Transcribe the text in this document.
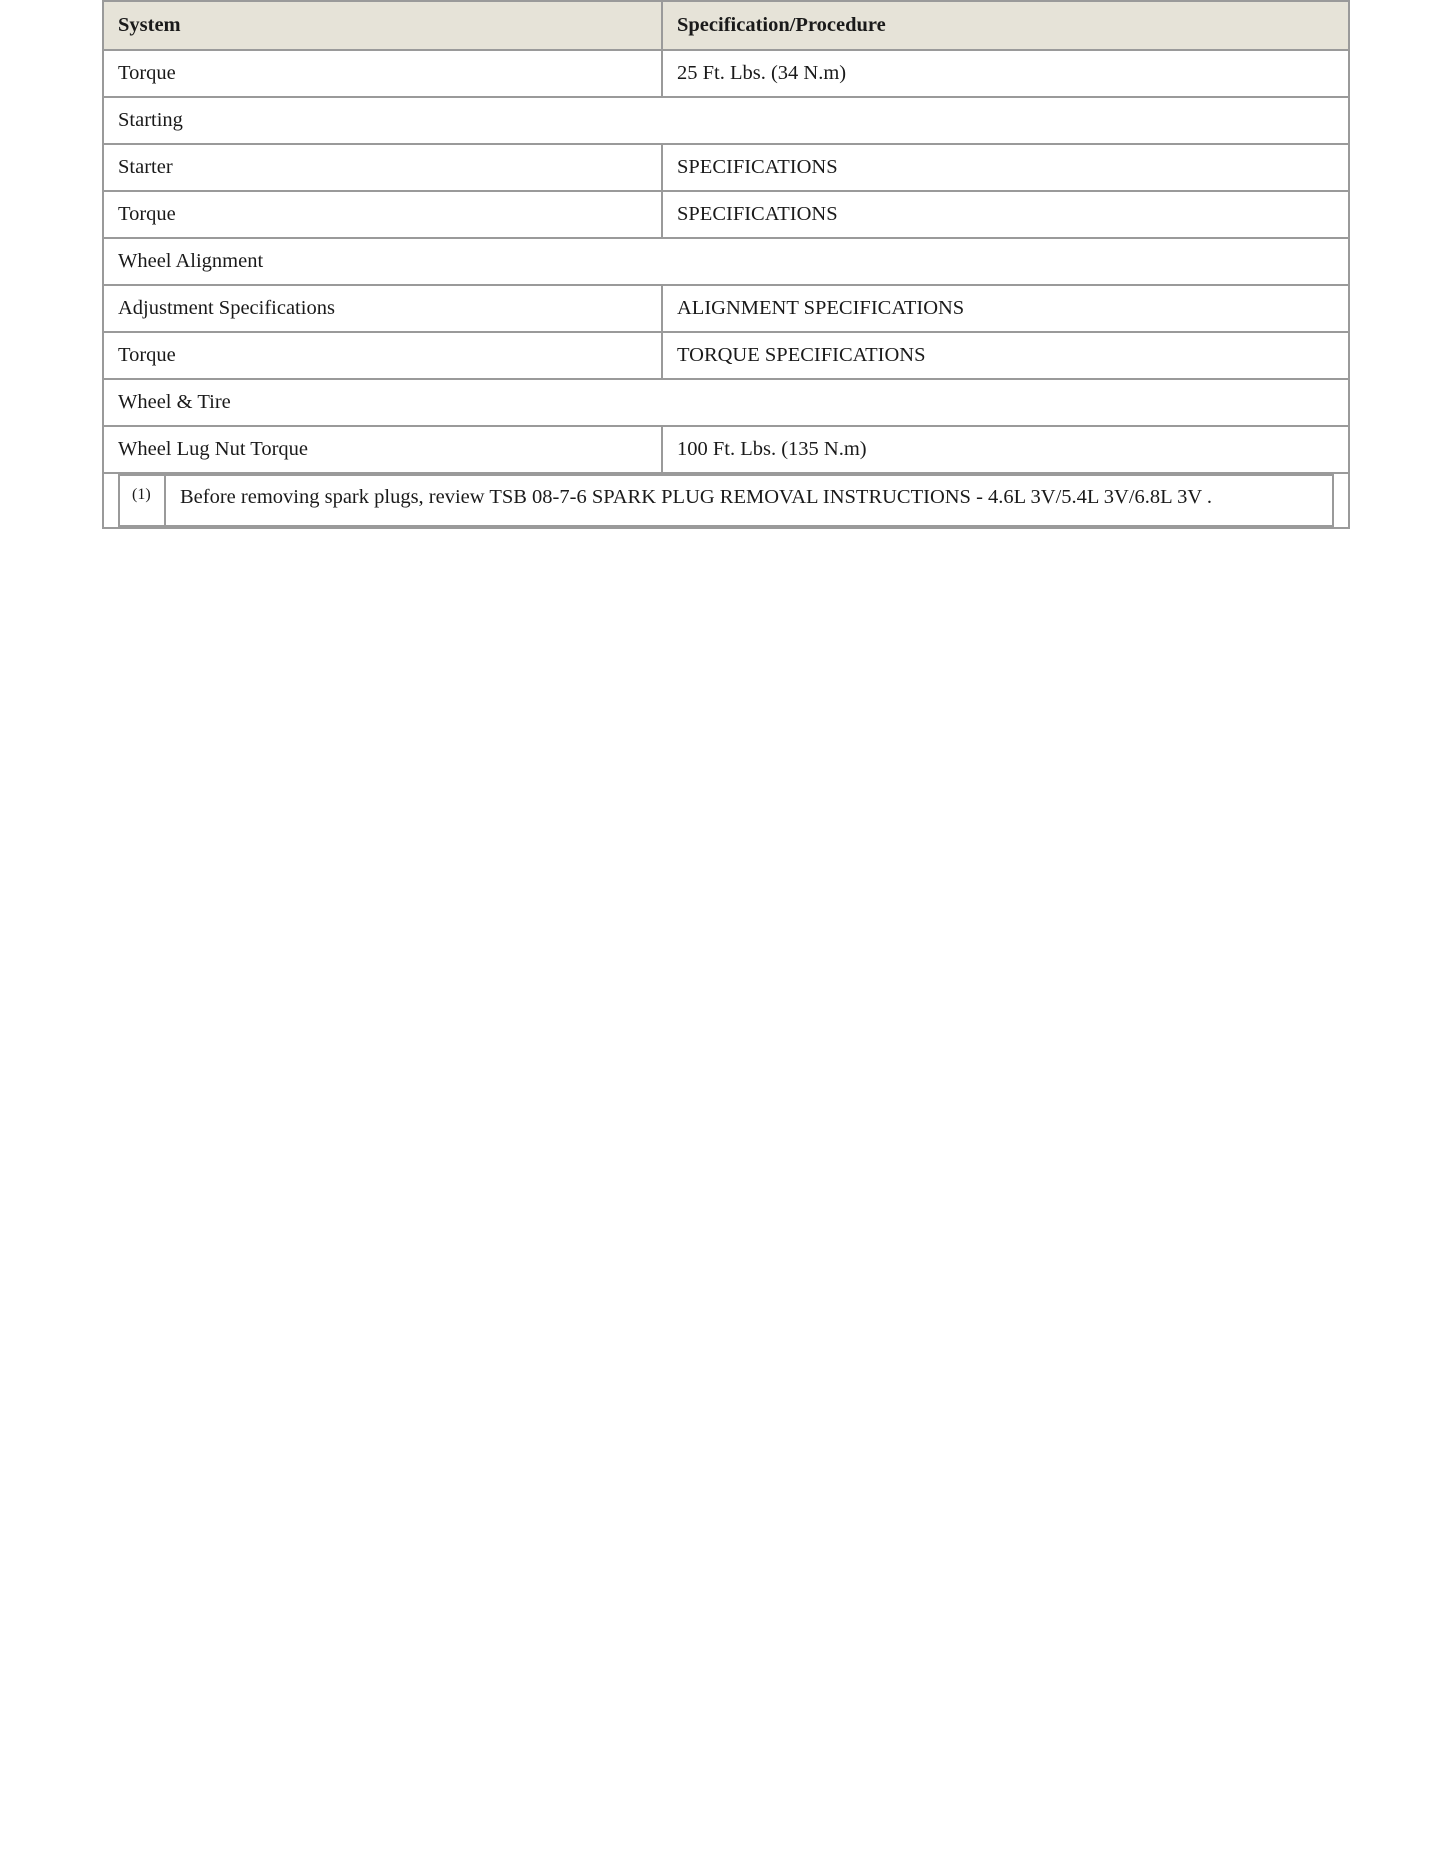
System	Specification/Procedure
Torque	25 Ft. Lbs. (34 N.m)
Starting
Starter	SPECIFICATIONS
Torque	SPECIFICATIONS
Wheel Alignment
Adjustment Specifications	ALIGNMENT SPECIFICATIONS
Torque	TORQUE SPECIFICATIONS
Wheel & Tire
Wheel Lug Nut Torque	100 Ft. Lbs. (135 N.m)

(1)	Before removing spark plugs, review TSB 08-7-6 SPARK PLUG REMOVAL INSTRUCTIONS - 4.6L 3V/5.4L 3V/6.8L 3V .
